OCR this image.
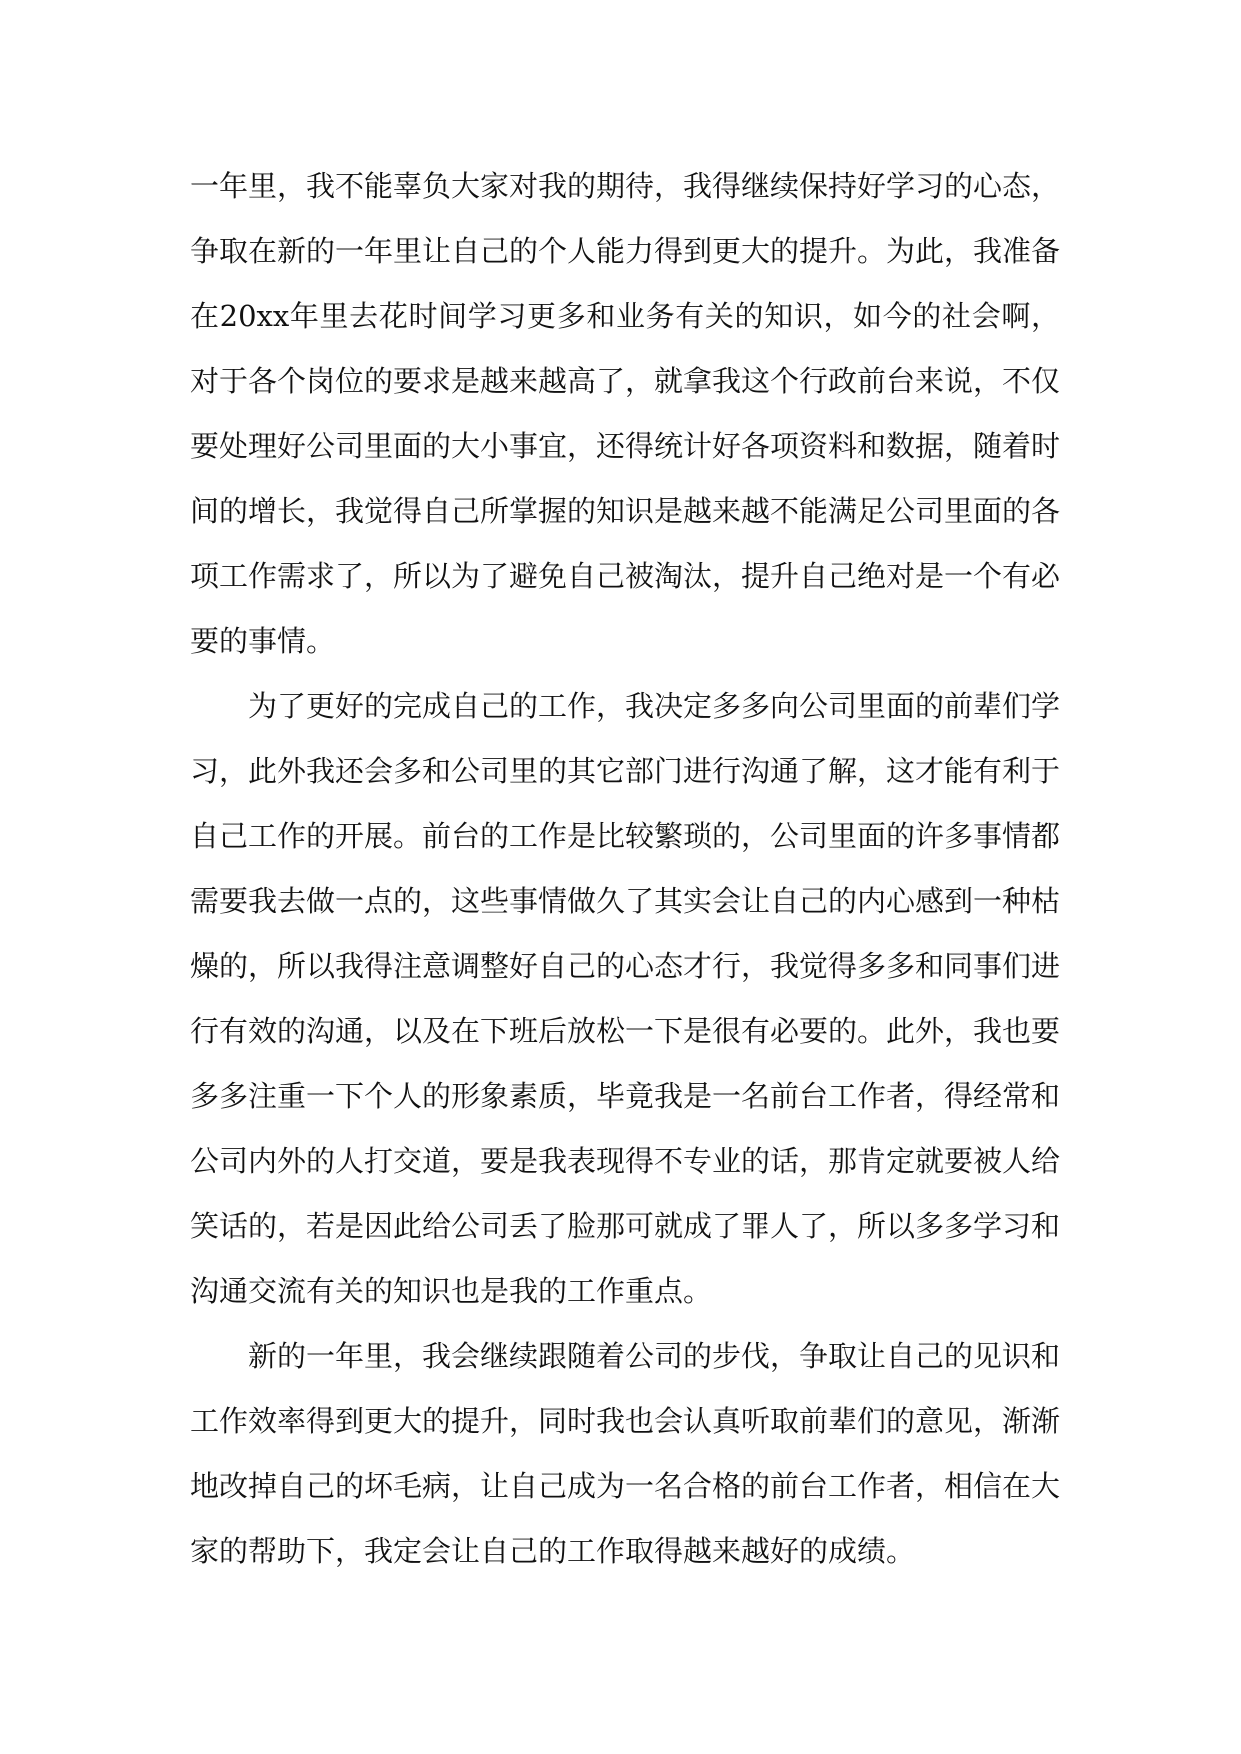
一年里，我不能辜负大家对我的期待，我得继续保持好学习的心态，争取在新的一年里让自己的个人能力得到更大的提升。为此，我准备在20xx年里去花时间学习更多和业务有关的知识，如今的社会啊，对于各个岗位的要求是越来越高了，就拿我这个行政前台来说，不仅要处理好公司里面的大小事宜，还得统计好各项资料和数据，随着时间的增长，我觉得自己所掌握的知识是越来越不能满足公司里面的各项工作需求了，所以为了避免自己被淘汰，提升自己绝对是一个有必要的事情。

为了更好的完成自己的工作，我决定多多向公司里面的前辈们学习，此外我还会多和公司里的其它部门进行沟通了解，这才能有利于自己工作的开展。前台的工作是比较繁琐的，公司里面的许多事情都需要我去做一点的，这些事情做久了其实会让自己的内心感到一种枯燥的，所以我得注意调整好自己的心态才行，我觉得多多和同事们进行有效的沟通，以及在下班后放松一下是很有必要的。此外，我也要多多注重一下个人的形象素质，毕竟我是一名前台工作者，得经常和公司内外的人打交道，要是我表现得不专业的话，那肯定就要被人给笑话的，若是因此给公司丢了脸那可就成了罪人了，所以多多学习和沟通交流有关的知识也是我的工作重点。

新的一年里，我会继续跟随着公司的步伐，争取让自己的见识和工作效率得到更大的提升，同时我也会认真听取前辈们的意见，渐渐地改掉自己的坏毛病，让自己成为一名合格的前台工作者，相信在大家的帮助下，我定会让自己的工作取得越来越好的成绩。
